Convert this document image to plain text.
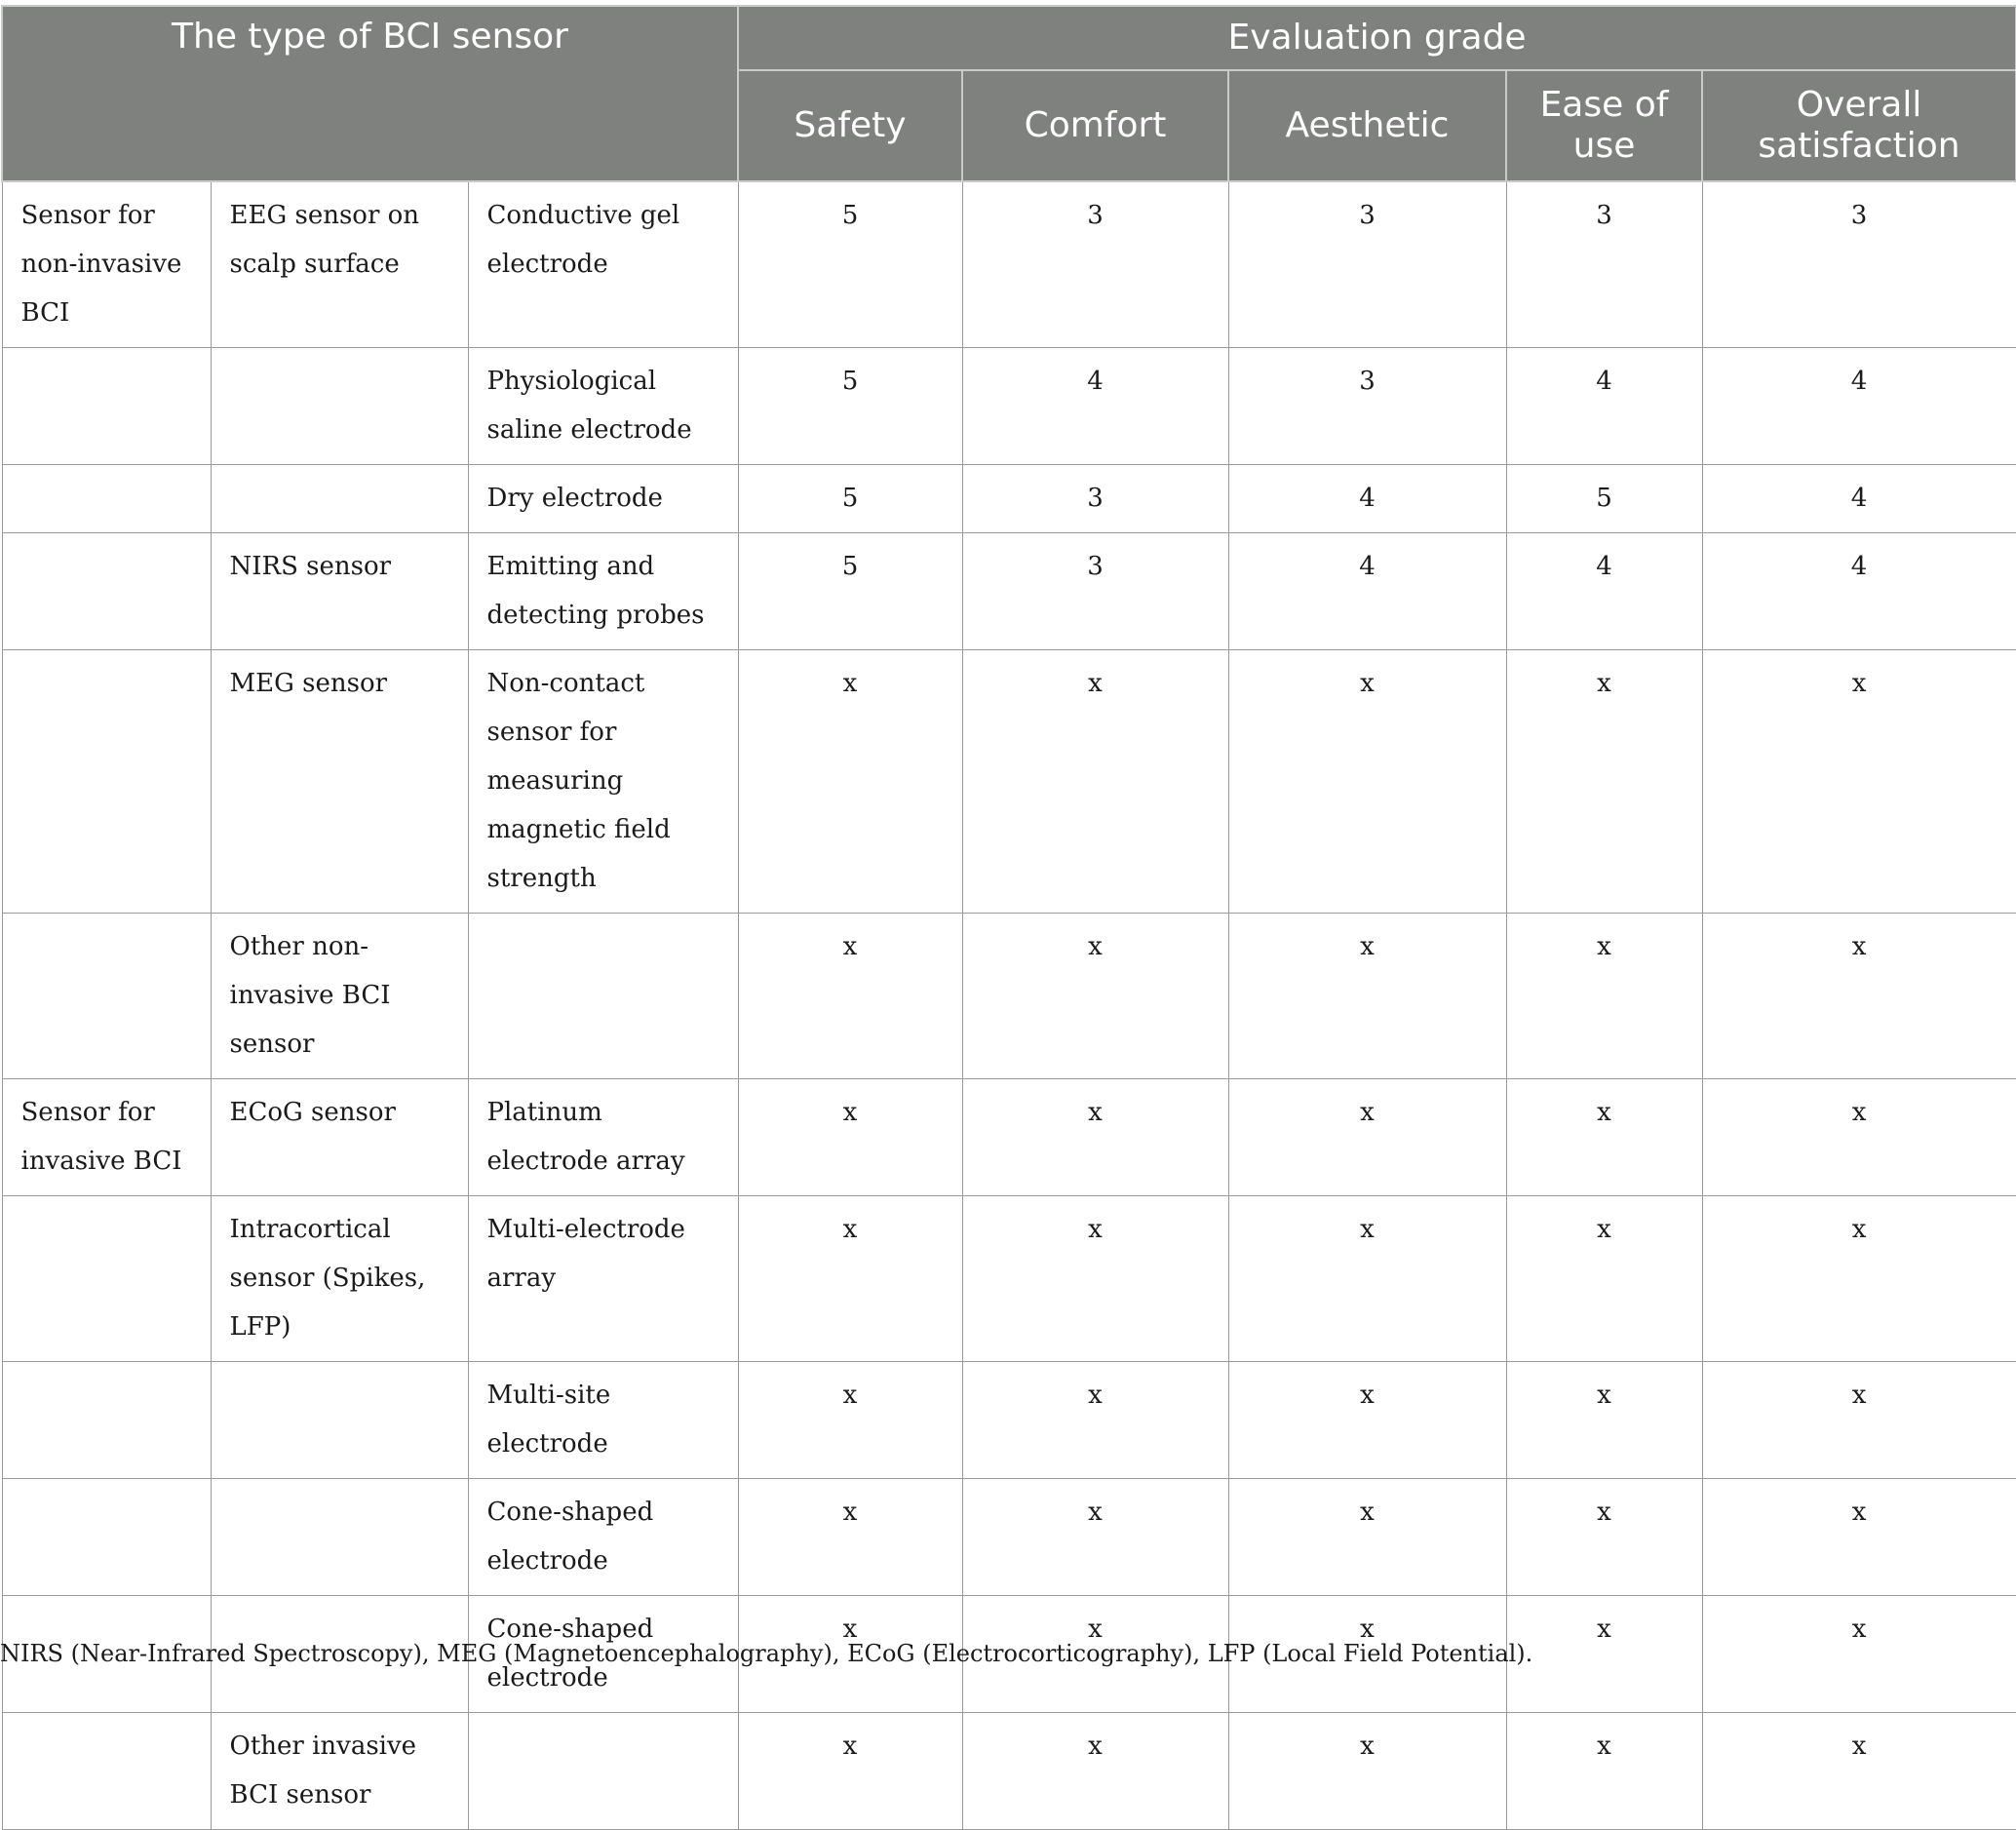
The type of BCI sensor			Evaluation grade				
			Safety	Comfort	Aesthetic	Ease of use	Overall satisfaction
Sensor for non-invasive BCI	EEG sensor on scalp surface	Conductive gel electrode	5	3	3	3	3
		Physiological saline electrode	5	4	3	4	4
		Dry electrode	5	3	4	5	4
	NIRS sensor	Emitting and detecting probes	5	3	4	4	4
	MEG sensor	Non-contact sensor for measuring magnetic field strength	x	x	x	x	x
	Other non-invasive BCI sensor		x	x	x	x	x
Sensor for invasive BCI	ECoG sensor	Platinum electrode array	x	x	x	x	x
	Intracortical sensor (Spikes, LFP)	Multi-electrode array	x	x	x	x	x
		Multi-site electrode	x	x	x	x	x
		Cone-shaped electrode	x	x	x	x	x
		Cone-shaped electrode	x	x	x	x	x
	Other invasive BCI sensor		x	x	x	x	x
NIRS (Near-Infrared Spectroscopy), MEG (Magnetoencephalography), ECoG (Electrocorticography), LFP (Local Field Potential).
